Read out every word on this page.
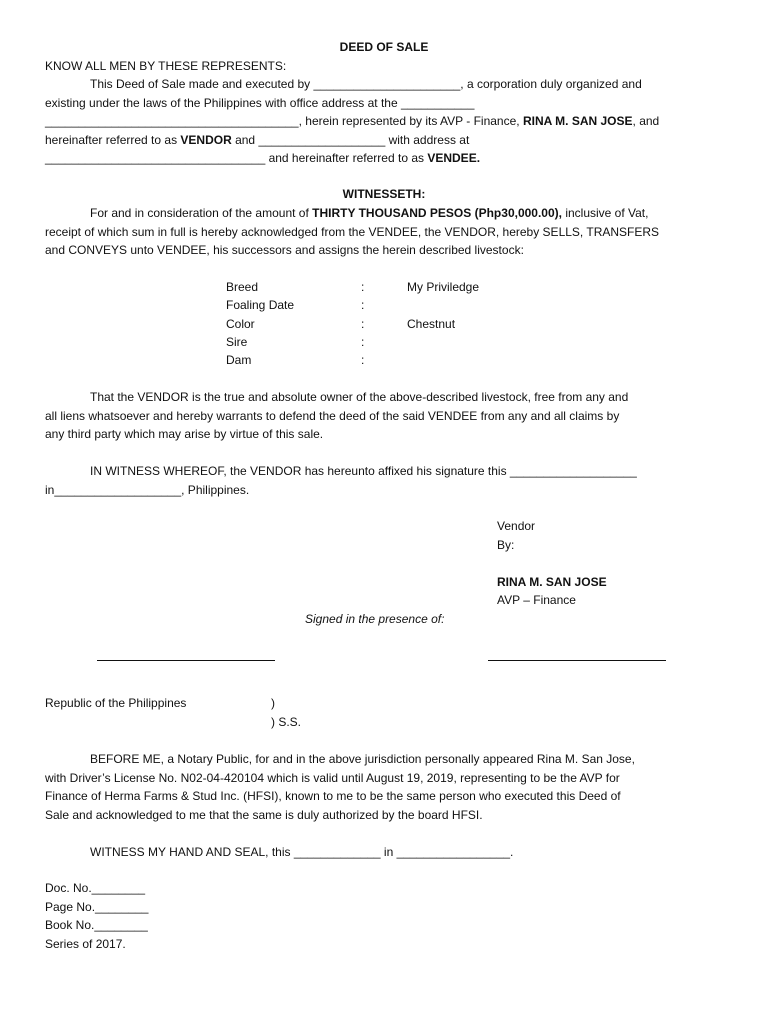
DEED OF SALE
KNOW ALL MEN BY THESE REPRESENTS:
This Deed of Sale made and executed by ______________________, a corporation duly organized and
existing under the laws of the Philippines with office address at the ___________
______________________________________, herein represented by its AVP - Finance, RINA M. SAN JOSE, and
hereinafter referred to as VENDOR and ___________________ with address at
_________________________________ and hereinafter referred to as VENDEE.
WITNESSETH:
For and in consideration of the amount of THIRTY THOUSAND PESOS (Php30,000.00), inclusive of Vat,
receipt of which sum in full is hereby acknowledged from the VENDEE, the VENDOR, hereby SELLS, TRANSFERS
and CONVEYS unto VENDEE, his successors and assigns the herein described livestock:
Breed	:	My Priviledge
Foaling Date	:
Color	:	Chestnut
Sire	:
Dam	:
That the VENDOR is the true and absolute owner of the above-described livestock, free from any and
all liens whatsoever and hereby warrants to defend the deed of the said VENDEE from any and all claims by
any third party which may arise by virtue of this sale.
IN WITNESS WHEREOF, the VENDOR has hereunto affixed his signature this ___________________
in___________________, Philippines.
Vendor
By:
RINA M. SAN JOSE
AVP – Finance
Signed in the presence of:
Republic of the Philippines	)
) S.S.
BEFORE ME, a Notary Public, for and in the above jurisdiction personally appeared Rina M. San Jose,
with Driver’s License No. N02-04-420104 which is valid until August 19, 2019, representing to be the AVP for
Finance of Herma Farms & Stud Inc. (HFSI), known to me to be the same person who executed this Deed of
Sale and acknowledged to me that the same is duly authorized by the board HFSI.
WITNESS MY HAND AND SEAL, this _____________ in _________________.
Doc. No.________
Page No.________
Book No.________
Series of 2017.
